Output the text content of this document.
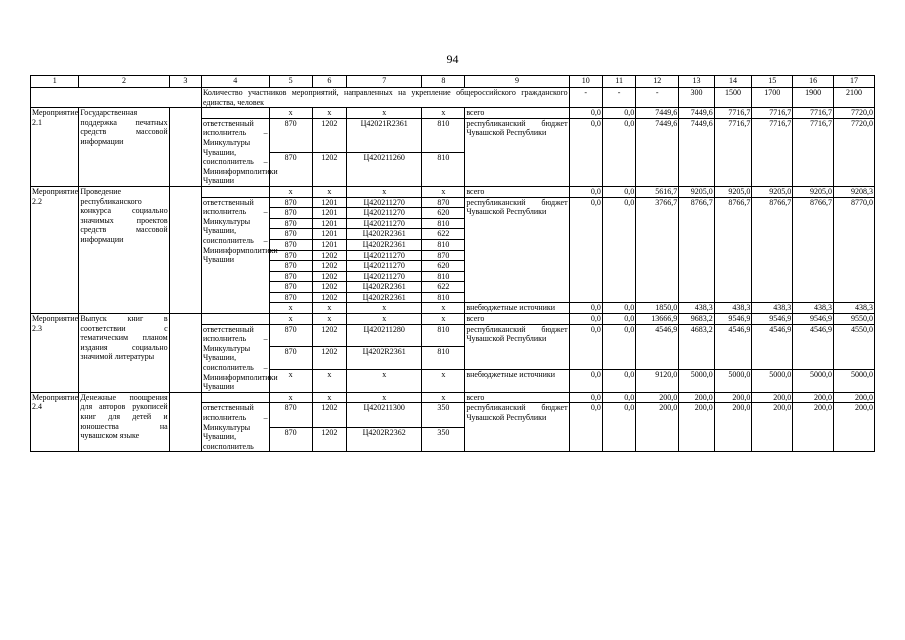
94
1	2	3	4	5	6	7	8	9	10	11	12	13	14	15	16	17
			Количество участников мероприятий, направленных на укрепление общероссийского гражданского единства, человек						-	-	-	300	1500	1700	1900	2100
Мероприятие 2.1	Государственная поддержка печатных средств массовой информации			x	x	x	x	всего	0,0	0,0	7449,6	7449,6	7716,7	7716,7	7716,7	7720,0
			ответственный исполнитель – Минкультуры Чувашии, соисполнитель – Мининформполитики Чувашии	870	1202	Ц42021R2361	810	республиканский бюджет Чувашской Республики	0,0	0,0	7449,6	7449,6	7716,7	7716,7	7716,7	7720,0
				870	1202	Ц420211260	810									
Мероприятие 2.2	Проведение республиканского конкурса социально значимых проектов средств массовой информации			x	x	x	x	всего	0,0	0,0	5616,7	9205,0	9205,0	9205,0	9205,0	9208,3
			ответственный исполнитель – Минкультуры Чувашии, соисполнитель – Мининформполитики Чувашии	870	1201	Ц420211270	870	республиканский бюджет Чувашской Республики	0,0	0,0	3766,7	8766,7	8766,7	8766,7	8766,7	8770,0
				870	1201	Ц420211270	620									
				870	1201	Ц420211270	810									
				870	1201	Ц4202R2361	622									
				870	1201	Ц4202R2361	810									
				870	1202	Ц420211270	870									
				870	1202	Ц420211270	620									
				870	1202	Ц420211270	810									
				870	1202	Ц4202R2361	622									
				870	1202	Ц4202R2361	810									
				x	x	x	x	внебюджетные источники	0,0	0,0	1850,0	438,3	438,3	438,3	438,3	438,3
Мероприятие 2.3	Выпуск книг в соответствии с тематическим планом издания социально значимой литературы			x	x	x	x	всего	0,0	0,0	13666,9	9683,2	9546,9	9546,9	9546,9	9550,0
			ответственный исполнитель – Минкультуры Чувашии, соисполнитель – Мининформполитики Чувашии	870	1202	Ц420211280	810	республиканский бюджет Чувашской Республики	0,0	0,0	4546,9	4683,2	4546,9	4546,9	4546,9	4550,0
				870	1202	Ц4202R2361	810									
				x	x	x	x	внебюджетные источники	0,0	0,0	9120,0	5000,0	5000,0	5000,0	5000,0	5000,0
Мероприятие 2.4	Денежные поощрения для авторов рукописей книг для детей и юношества на чувашском языке			x	x	x	x	всего	0,0	0,0	200,0	200,0	200,0	200,0	200,0	200,0
			ответственный исполнитель – Минкультуры Чувашии, соисполнитель	870	1202	Ц420211300	350	республиканский бюджет Чувашской Республики	0,0	0,0	200,0	200,0	200,0	200,0	200,0	200,0
				870	1202	Ц4202R2362	350									
